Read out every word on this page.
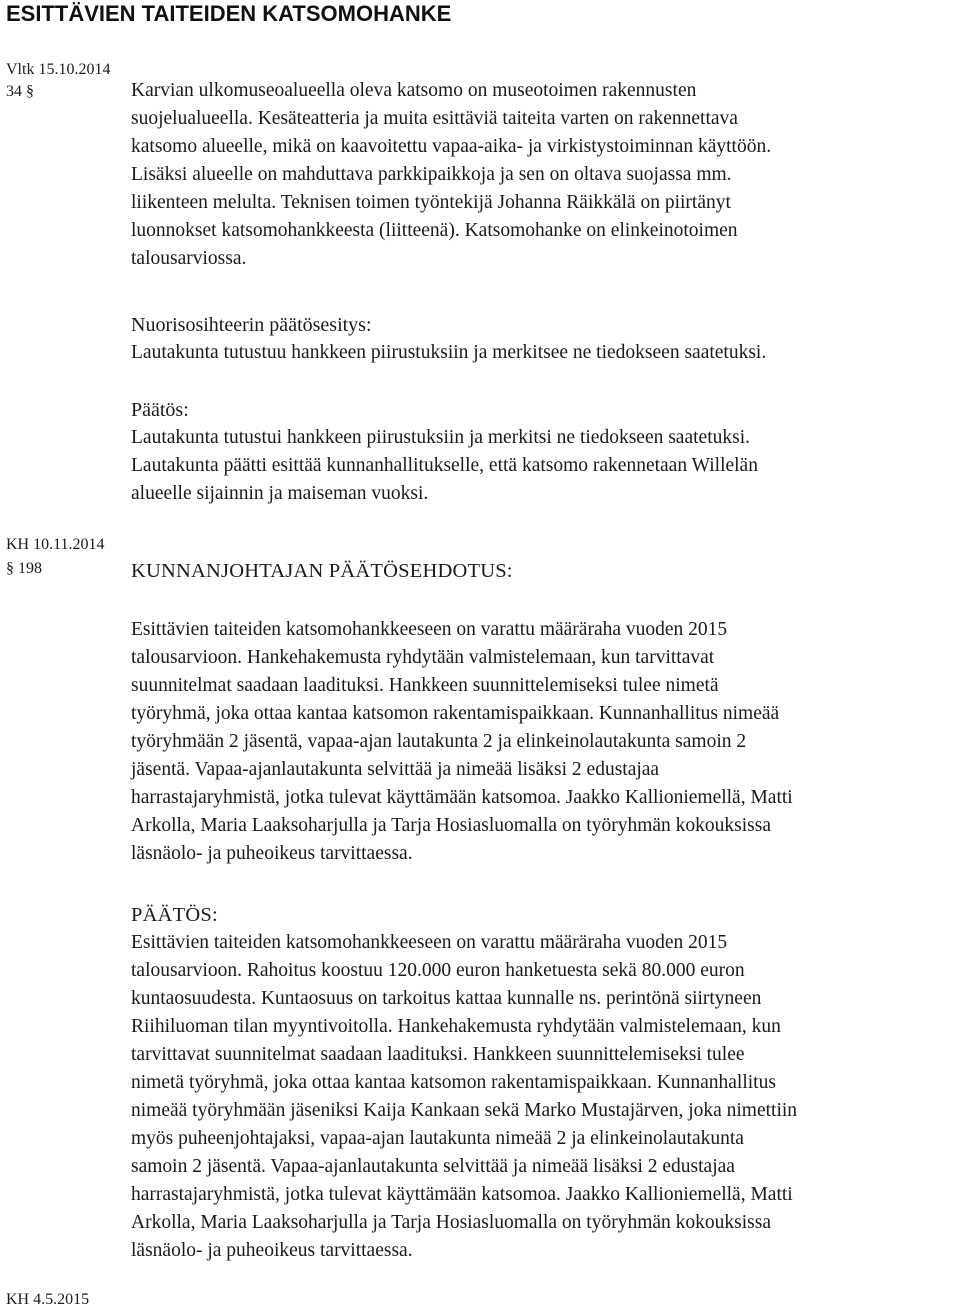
ESITTÄVIEN TAITEIDEN KATSOMOHANKE
Vltk 15.10.2014
34 §	Karvian ulkomuseoalueella oleva katsomo on museotoimen rakennusten
suojelualueella. Kesäteatteria ja muita esittäviä taiteita varten on rakennettava
katsomo alueelle, mikä on kaavoitettu vapaa-aika- ja virkistystoiminnan käyttöön.
Lisäksi alueelle on mahduttava parkkipaikkoja ja sen on oltava suojassa mm.
liikenteen melulta. Teknisen toimen työntekijä Johanna Räikkälä on piirtänyt
luonnokset katsomohankkeesta (liitteenä). Katsomohanke on elinkeinotoimen
talousarviossa.
Nuorisosihteerin päätösesitys:
Lautakunta tutustuu hankkeen piirustuksiin ja merkitsee ne tiedokseen saatetuksi.
Päätös:
Lautakunta tutustui hankkeen piirustuksiin ja merkitsi ne tiedokseen saatetuksi.
Lautakunta päätti esittää kunnanhallitukselle, että katsomo rakennetaan Willelän
alueelle sijainnin ja maiseman vuoksi.
KH 10.11.2014
§ 198	KUNNANJOHTAJAN PÄÄTÖSEHDOTUS:
Esittävien taiteiden katsomohankkeeseen on varattu määräraha vuoden 2015
talousarvioon. Hankehakemusta ryhdytään valmistelemaan, kun tarvittavat
suunnitelmat saadaan laadituksi. Hankkeen suunnittelemiseksi tulee nimetä
työryhmä, joka ottaa kantaa katsomon rakentamispaikkaan. Kunnanhallitus nimeää
työryhmään 2 jäsentä, vapaa-ajan lautakunta 2 ja elinkeinolautakunta samoin 2
jäsentä. Vapaa-ajanlautakunta selvittää ja nimeää lisäksi 2 edustajaa
harrastajaryhmistä, jotka tulevat käyttämään katsomoa. Jaakko Kallioniemellä, Matti
Arkolla, Maria Laaksoharjulla ja Tarja Hosiasluomalla on työryhmän kokouksissa
läsnäolo- ja puheoikeus tarvittaessa.
PÄÄTÖS:
Esittävien taiteiden katsomohankkeeseen on varattu määräraha vuoden 2015
talousarvioon. Rahoitus koostuu 120.000 euron hanketuesta sekä 80.000 euron
kuntaosuudesta. Kuntaosuus on tarkoitus kattaa kunnalle ns. perintönä siirtyneen
Riihiluoman tilan myyntivoitolla. Hankehakemusta ryhdytään valmistelemaan, kun
tarvittavat suunnitelmat saadaan laadituksi. Hankkeen suunnittelemiseksi tulee
nimetä työryhmä, joka ottaa kantaa katsomon rakentamispaikkaan. Kunnanhallitus
nimeää työryhmään jäseniksi Kaija Kankaan sekä Marko Mustajärven, joka nimettiin
myös puheenjohtajaksi, vapaa-ajan lautakunta nimeää 2 ja elinkeinolautakunta
samoin 2 jäsentä. Vapaa-ajanlautakunta selvittää ja nimeää lisäksi 2 edustajaa
harrastajaryhmistä, jotka tulevat käyttämään katsomoa. Jaakko Kallioniemellä, Matti
Arkolla, Maria Laaksoharjulla ja Tarja Hosiasluomalla on työryhmän kokouksissa
läsnäolo- ja puheoikeus tarvittaessa.
KH 4.5.2015
